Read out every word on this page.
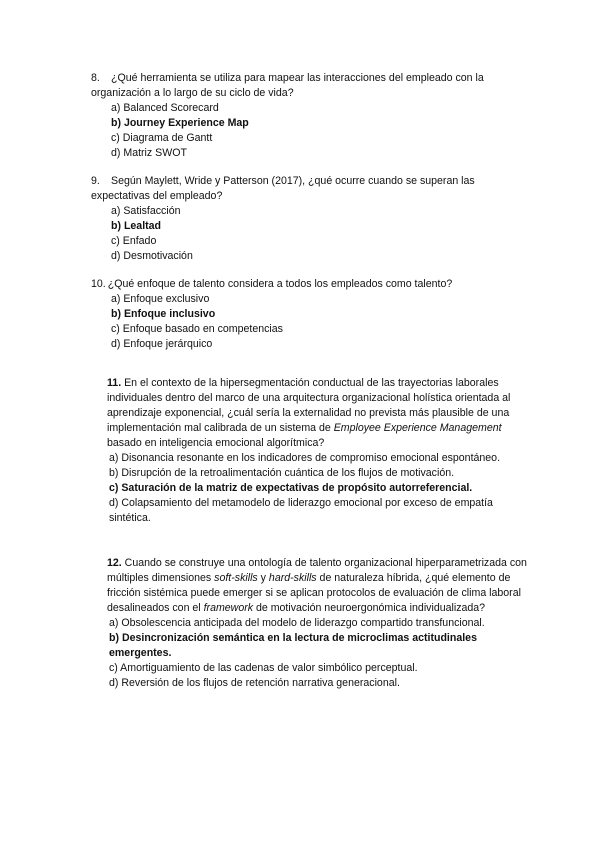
8. ¿Qué herramienta se utiliza para mapear las interacciones del empleado con la organización a lo largo de su ciclo de vida?
a) Balanced Scorecard
b) Journey Experience Map
c) Diagrama de Gantt
d) Matriz SWOT
9. Según Maylett, Wride y Patterson (2017), ¿qué ocurre cuando se superan las expectativas del empleado?
a) Satisfacción
b) Lealtad
c) Enfado
d) Desmotivación
10. ¿Qué enfoque de talento considera a todos los empleados como talento?
a) Enfoque exclusivo
b) Enfoque inclusivo
c) Enfoque basado en competencias
d) Enfoque jerárquico
11. En el contexto de la hipersegmentación conductual de las trayectorias laborales individuales dentro del marco de una arquitectura organizacional holística orientada al aprendizaje exponencial, ¿cuál sería la externalidad no prevista más plausible de una implementación mal calibrada de un sistema de Employee Experience Management basado en inteligencia emocional algorítmica?
a) Disonancia resonante en los indicadores de compromiso emocional espontáneo.
b) Disrupción de la retroalimentación cuántica de los flujos de motivación.
c) Saturación de la matriz de expectativas de propósito autorreferencial.
d) Colapsamiento del metamodelo de liderazgo emocional por exceso de empatía sintética.
12. Cuando se construye una ontología de talento organizacional hiperparametrizada con múltiples dimensiones soft-skills y hard-skills de naturaleza híbrida, ¿qué elemento de fricción sistémica puede emerger si se aplican protocolos de evaluación de clima laboral desalineados con el framework de motivación neuroergonómica individualizada?
a) Obsolescencia anticipada del modelo de liderazgo compartido transfuncional.
b) Desincronización semántica en la lectura de microclimas actitudinales emergentes.
c) Amortiguamiento de las cadenas de valor simbólico perceptual.
d) Reversión de los flujos de retención narrativa generacional.
